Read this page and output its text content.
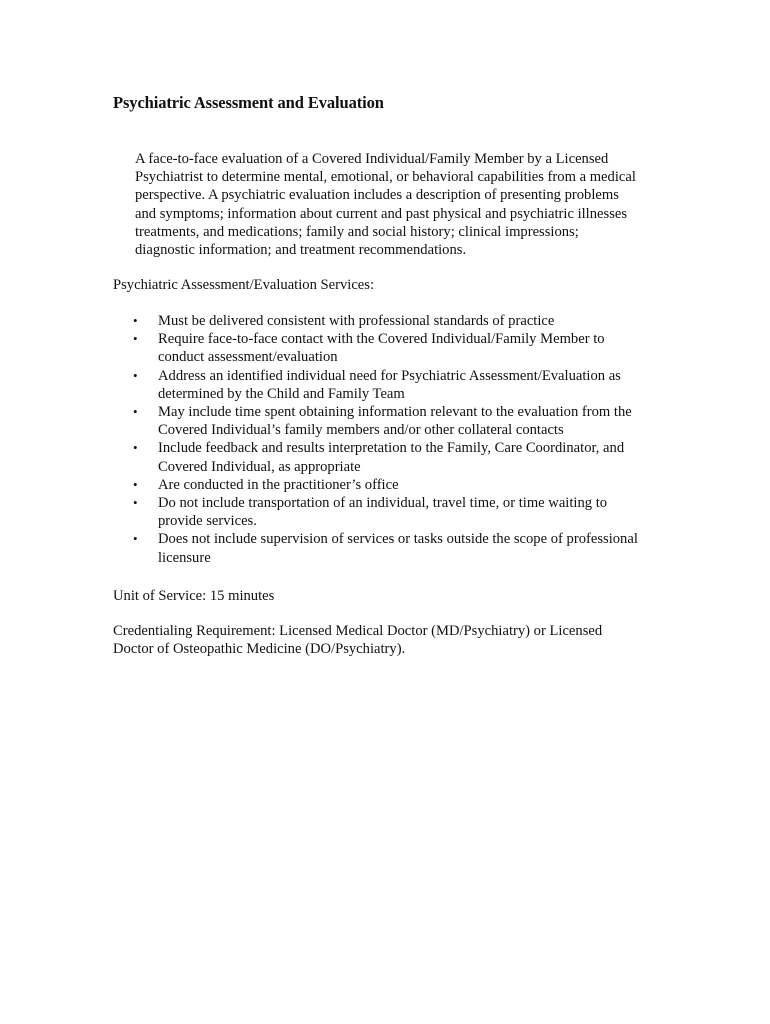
Psychiatric Assessment and Evaluation

A face-to-face evaluation of a Covered Individual/Family Member by a Licensed
Psychiatrist to determine mental, emotional, or behavioral capabilities from a medical
perspective. A psychiatric evaluation includes a description of presenting problems
and symptoms; information about current and past physical and psychiatric illnesses
treatments, and medications; family and social history; clinical impressions;
diagnostic information; and treatment recommendations.

Psychiatric Assessment/Evaluation Services:

• Must be delivered consistent with professional standards of practice
• Require face-to-face contact with the Covered Individual/Family Member to
conduct assessment/evaluation
• Address an identified individual need for Psychiatric Assessment/Evaluation as
determined by the Child and Family Team
• May include time spent obtaining information relevant to the evaluation from the
Covered Individual’s family members and/or other collateral contacts
• Include feedback and results interpretation to the Family, Care Coordinator, and
Covered Individual, as appropriate
• Are conducted in the practitioner’s office
• Do not include transportation of an individual, travel time, or time waiting to
provide services.
• Does not include supervision of services or tasks outside the scope of professional
licensure

Unit of Service: 15 minutes

Credentialing Requirement: Licensed Medical Doctor (MD/Psychiatry) or Licensed
Doctor of Osteopathic Medicine (DO/Psychiatry).
